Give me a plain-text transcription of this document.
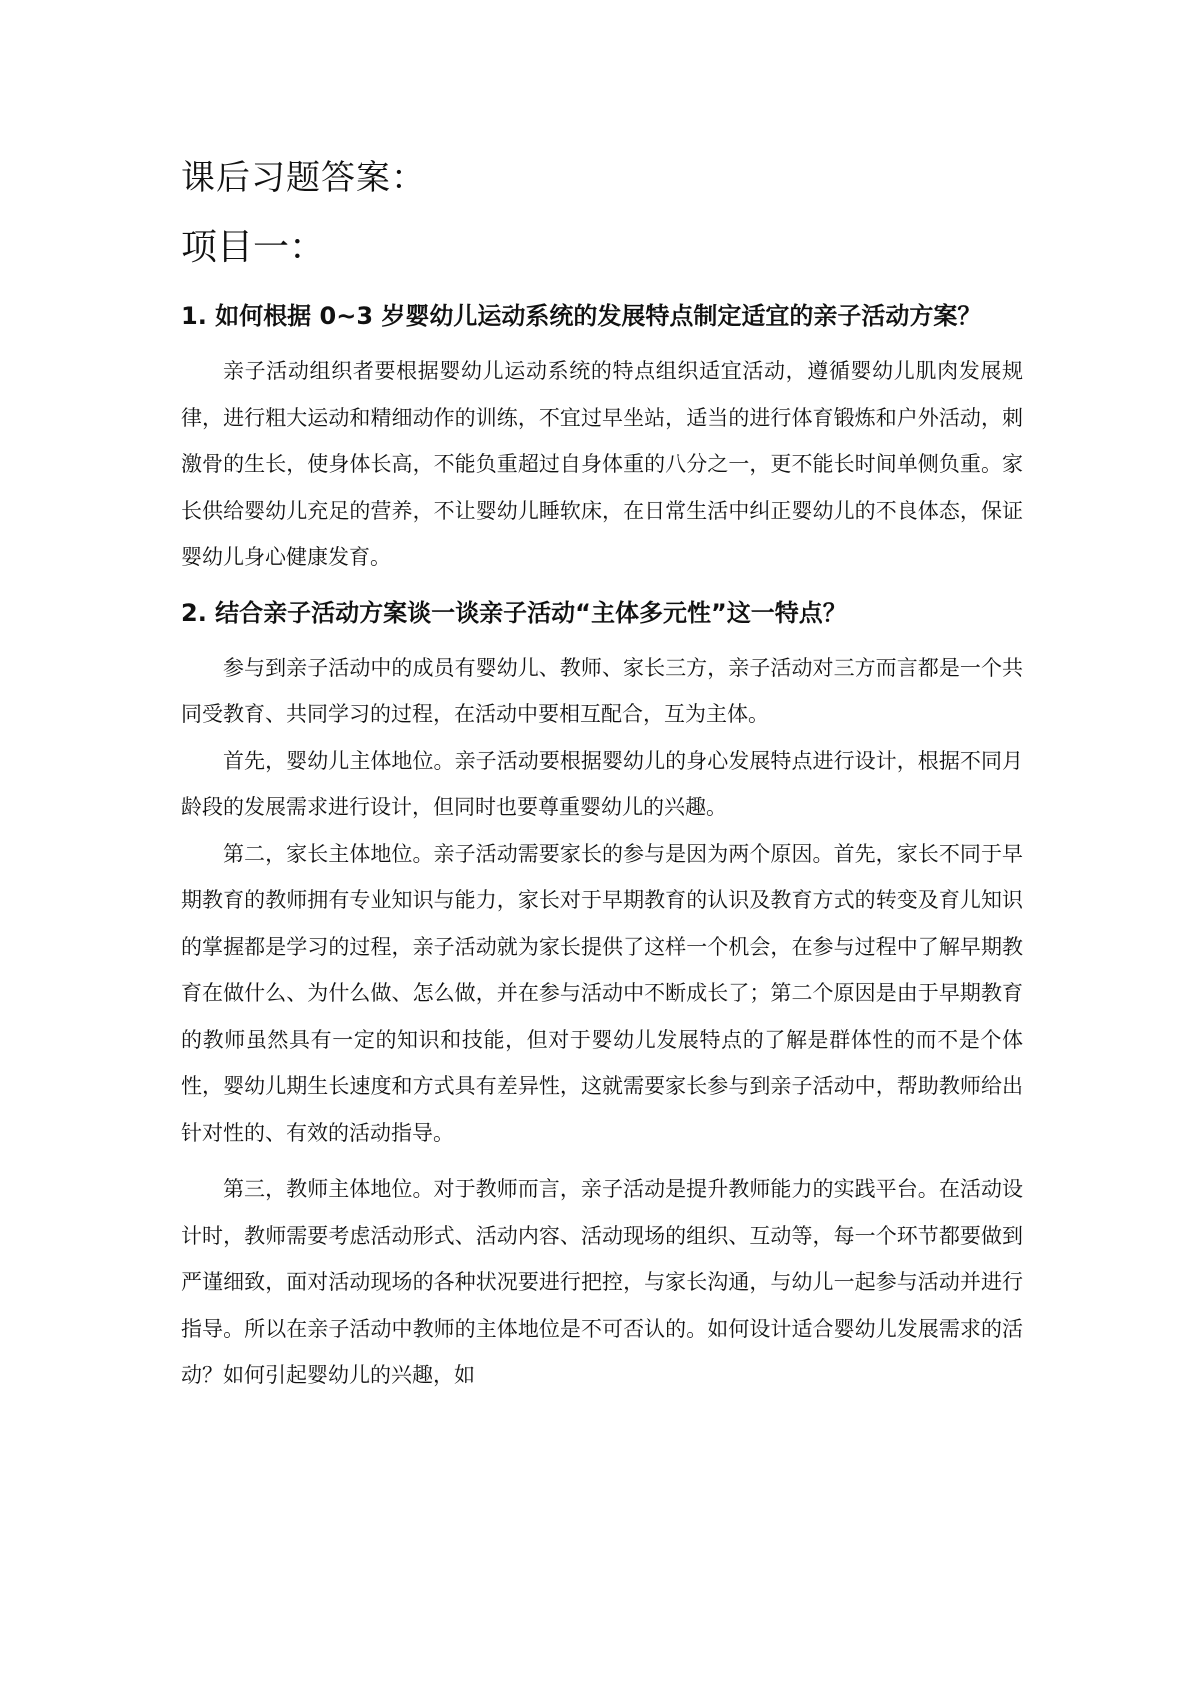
课后习题答案：
项目一：
1. 如何根据 0~3 岁婴幼儿运动系统的发展特点制定适宜的亲子活动方案？

亲子活动组织者要根据婴幼儿运动系统的特点组织适宜活动，遵循婴幼儿肌肉发展规律，进行粗大运动和精细动作的训练，不宜过早坐站，适当的进行体育锻炼和户外活动，刺激骨的生长，使身体长高，不能负重超过自身体重的八分之一，更不能长时间单侧负重。家长供给婴幼儿充足的营养，不让婴幼儿睡软床，在日常生活中纠正婴幼儿的不良体态，保证婴幼儿身心健康发育。

2. 结合亲子活动方案谈一谈亲子活动“主体多元性”这一特点？

参与到亲子活动中的成员有婴幼儿、教师、家长三方，亲子活动对三方而言都是一个共同受教育、共同学习的过程，在活动中要相互配合，互为主体。

首先，婴幼儿主体地位。亲子活动要根据婴幼儿的身心发展特点进行设计，根据不同月龄段的发展需求进行设计，但同时也要尊重婴幼儿的兴趣。

第二，家长主体地位。亲子活动需要家长的参与是因为两个原因。首先，家长不同于早期教育的教师拥有专业知识与能力，家长对于早期教育的认识及教育方式的转变及育儿知识的掌握都是学习的过程，亲子活动就为家长提供了这样一个机会，在参与过程中了解早期教育在做什么、为什么做、怎么做，并在参与活动中不断成长了；第二个原因是由于早期教育的教师虽然具有一定的知识和技能，但对于婴幼儿发展特点的了解是群体性的而不是个体性，婴幼儿期生长速度和方式具有差异性，这就需要家长参与到亲子活动中，帮助教师给出针对性的、有效的活动指导。

第三，教师主体地位。对于教师而言，亲子活动是提升教师能力的实践平台。在活动设计时，教师需要考虑活动形式、活动内容、活动现场的组织、互动等，每一个环节都要做到严谨细致，面对活动现场的各种状况要进行把控，与家长沟通，与幼儿一起参与活动并进行指导。所以在亲子活动中教师的主体地位是不可否认的。如何设计适合婴幼儿发展需求的活动？如何引起婴幼儿的兴趣，如
